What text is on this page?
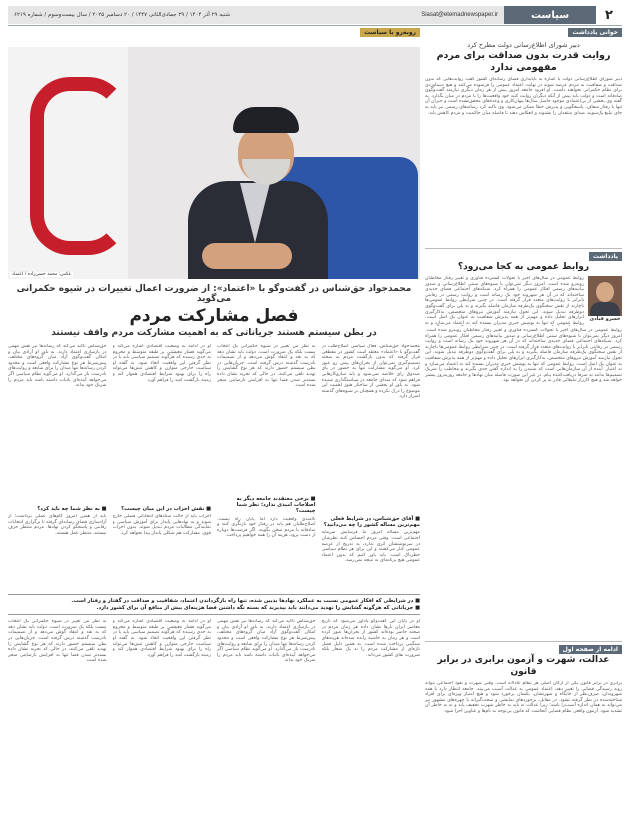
۲
سیاست
Siasat@etemadnewspaper.ir
شنبه ۲۹ آذر ۱۴۰۴ / ۲۹ جمادی‌الثانی ۱۴۴۷ / ۲۰ دسامبر ۲۰۲۵ / سال بیست‌وسوم / شماره ۶۲۱۹
خوانی یادداشت
دبیر شورای اطلاع‌رسانی دولت مطرح کرد
روایت قدرت بدون صداقت برای مردم مفهومی ندارد
دبیر شورای اطلاع‌رسانی دولت با اشاره به ناپایداری فضای رسانه‌ای کشور گفت روایت‌هایی که بدون صداقت و شفافیت به مردم عرضه شوند در نهایت اعتماد عمومی را فرسوده می‌کنند و هیچ دستاوردی برای نظام حکمرانی نخواهند داشت. او افزود جامعه امروز بیش از هر زمان دیگری نیازمند گفت‌وگوی صادقانه است و دولت باید پیش از آنکه دیگران روایت کنند خود واقعیت‌ها را با مردم در میان بگذارد. به گفته وی بخشی از بی‌اعتمادی موجود حاصل سال‌ها پنهان‌کاری و وعده‌های محقق‌نشده است و جبران آن تنها با رفتار شفاف، پاسخگویی و پذیرش خطا ممکن می‌شود. وی تاکید کرد رسانه‌های رسمی نیز باید به جای تبلیغ یک‌سویه، صدای منتقدان را بشنوند و انعکاس دهند تا فاصله میان حاکمیت و مردم کاهش یابد.
یادداشت
روابط عمومی به کجا می‌رود؟
خسرو قبادی
روابط عمومی در سال‌های اخیر با تحولات گسترده فناوری و تغییر رفتار مخاطبان روبه‌رو شده است. امروز دیگر نمی‌توان با شیوه‌های سنتی اطلاع‌رسانی و صدور بیانیه‌های رسمی افکار عمومی را همراه کرد. شبکه‌های اجتماعی فضای جدیدی ساخته‌اند که در آن هر شهروند خود یک رسانه است و روایت رسمی در رقابتی نابرابر با روایت‌های متعدد قرار گرفته است. در چنین شرایطی روابط عمومی‌ها ناچارند از نقش سخنگوی یک‌طرفه سازمان فاصله بگیرند و به پلی برای گفت‌وگوی دوطرفه تبدیل شوند. این تحول نیازمند آموزش نیروهای متخصص، به‌کارگیری ابزارهای تحلیل داده و مهم‌تر از همه پذیرش شفافیت به عنوان یک اصل است. روابط عمومی که تنها به پوشش خبری مدیران بسنده کند نه اعتماد می‌سازد و نه
روابط عمومی در سال‌های اخیر با تحولات گسترده فناوری و تغییر رفتار مخاطبان روبه‌رو شده است. امروز دیگر نمی‌توان با شیوه‌های سنتی اطلاع‌رسانی و صدور بیانیه‌های رسمی افکار عمومی را همراه کرد. شبکه‌های اجتماعی فضای جدیدی ساخته‌اند که در آن هر شهروند خود یک رسانه است و روایت رسمی در رقابتی نابرابر با روایت‌های متعدد قرار گرفته است. در چنین شرایطی روابط عمومی‌ها ناچارند از نقش سخنگوی یک‌طرفه سازمان فاصله بگیرند و به پلی برای گفت‌وگوی دوطرفه تبدیل شوند. این تحول نیازمند آموزش نیروهای متخصص، به‌کارگیری ابزارهای تحلیل داده و مهم‌تر از همه پذیرش شفافیت به عنوان یک اصل است. روابط عمومی که تنها به پوشش خبری مدیران بسنده کند نه اعتماد می‌سازد و نه اعتبار. آینده از آن سازمان‌هایی است که شنیدن را به اندازه گفتن جدی بگیرند و مخاطب را شریک تصمیم‌ها بدانند نه صرفا دریافت‌کننده پیام. در غیر این صورت فاصله میان نهادها و جامعه روز‌به‌روز بیشتر خواهد شد و هیچ کارزار تبلیغاتی قادر به پر کردن آن نخواهد بود.
ادامه از صفحه اول
عدالت، شهرت و آزمون برابری در برابر قانون
برابری در برابر قانون یکی از ارکان اصلی هر نظام عادلانه است. وقتی شهرت و نفوذ اجتماعی بتواند روند رسیدگی قضایی را تغییر دهد، اعتماد عمومی به عدالت آسیب می‌بیند. جامعه انتظار دارد با همه شهروندان، صرف‌نظر از جایگاه و شهرتشان، یکسان برخورد شود و هیچ امتیاز ویژه‌ای برای افراد شناخته‌شده در نظر گرفته نشود. در مقابل، برخوردهای نمایشی و سخت‌گیرانه با چهره‌های مشهور نیز می‌تواند به همان اندازه آسیب‌زا باشد؛ زیرا عدالت نه باید به خاطر شهرت تخفیف یابد و نه به خاطر آن تشدید شود. آزمون واقعی نظام قضایی آنجاست که قانون بی‌توجه به نام‌ها و عناوین اجرا شود.
روبه‌رو با سیاست
عکس: محمد حسن‌زاده / اعتماد
محمدجواد حق‌شناس در گفت‌وگو با «اعتماد»: از ضرورت اعمال تغییرات در شیوه حکمرانی می‌گوید
فصل مشارکت مردم
در بطن سیستم هستند جریاناتی که به اهمیت مشارکت مردم واقف نیستند
محمدجواد حق‌شناس، فعال سیاسی اصلاح‌طلب در گفت‌وگو با «اعتماد» معتقد است کشور در مقطعی قرار گرفته که بدون بازگشت مردم به صحنه تصمیم‌گیری نمی‌توان از بحران‌های پیش رو عبور کرد. او می‌گوید مشارکت تنها به حضور در پای صندوق رای خلاصه نمی‌شود و باید سازوکارهایی فراهم شود که صدای جامعه در سیاستگذاری شنیده شود. به باور او بخشی از ساختار هنوز اهمیت این موضوع را درک نکرده و همچنان بر شیوه‌های گذشته اصرار دارد.
■ آقای حق‌شناس، در شرایط فعلی مهم‌ترین مساله کشور را چه می‌دانید؟
مهم‌ترین مساله امروز ما فرسایش سرمایه اجتماعی است. وقتی مردم احساس کنند نظرشان در سرنوشتشان اثری ندارد، به تدریج از عرصه عمومی کنار می‌کشند و این برای هر نظام سیاسی خطرناک است. باید باور کنیم که بدون اعتماد عمومی هیچ برنامه‌ای به نتیجه نمی‌رسد.
به نظر من تغییر در شیوه حکمرانی یک انتخاب نیست بلکه یک ضرورت است. دولت باید نشان دهد که به نقد و انتقاد گوش می‌دهد و از تصمیمات نادرست گذشته درس گرفته است. جریان‌هایی در بطن سیستم حضور دارند که هر نوع گشایش را تهدید تلقی می‌کنند، در حالی که تجربه نشان داده بسته‌تر شدن فضا تنها به افزایش نارضایتی منجر شده است.
■ برخی معتقدند جامعه دیگر به اصلاحات امیدی ندارد؛ نظر شما چیست؟
ناامیدی واقعیت دارد اما پایان راه نیست. اصلاح‌طلبان هم باید در رفتار خود بازنگری کنند و صادقانه با مردم سخن بگویند. اگر فرصت‌ها دوباره از دست برود، هزینه آن را همه خواهیم پرداخت.
او در ادامه به وضعیت اقتصادی اشاره می‌کند و می‌گوید فشار معیشتی بر طبقه متوسط و محروم به حدی رسیده که هرگونه تصمیم سیاسی باید با در نظر گرفتن این واقعیت اتخاذ شود. به گفته او سیاست خارجی متوازن و کاهش تنش‌ها می‌تواند راه را برای بهبود شرایط اقتصادی هموار کند و زمینه بازگشت امید را فراهم آورد.
■ نقش احزاب در این میان چیست؟
احزاب باید از حالت ستادهای انتخاباتی فصلی خارج شوند و به نهادهایی پایدار برای آموزش سیاسی و نمایندگی مطالبات مردم تبدیل شوند. بدون احزاب قوی، مشارکت هم شکلی پایدار پیدا نخواهد کرد.
حق‌شناس تاکید می‌کند که رسانه‌ها نیز نقش مهمی در بازسازی اعتماد دارند. به باور او آزادی بیان و امکان گفت‌وگوی آزاد میان گروه‌های مختلف، پیش‌شرط هر نوع مشارکت واقعی است و محدود کردن رسانه‌ها تنها میدان را برای شایعه و روایت‌های نادرست باز می‌گذارد. او می‌گوید نظام سیاسی اگر می‌خواهد آینده‌ای باثبات داشته باشد باید مردم را شریک خود بداند.
■ به نظر شما چه باید کرد؟
باید از همین امروز گام‌های عملی برداشت؛ از آزادسازی فضای رسانه‌ای گرفته تا برگزاری انتخابات رقابتی و پاسخگو کردن نهادها. مردم منتظر حرف نیستند، منتظر عمل هستند.
■ در شرایطی که افکار عمومی نسبت به عملکرد نهادها بدبین شده، تنها راه بازگرداندن اعتماد، شفافیت و صداقت در گفتار و رفتار است.
■ جریاناتی که هرگونه گشایش را تهدید می‌دانند باید بپذیرند که بسته نگه داشتن فضا هزینه‌ای بیش از منافع آن برای کشور دارد.
او در پایان این گفت‌وگو یادآور می‌شود که تاریخ معاصر ایران بارها نشان داده هر زمان مردم در صحنه حاضر بوده‌اند کشور از بحران‌ها عبور کرده است و هر زمان به حاشیه رانده شده‌اند هزینه‌های سنگینی پرداخت شده است. به همین دلیل فصل تازه‌ای از مشارکت مردم را نه یک شعار بلکه ضرورت بقای کشور می‌داند.
حق‌شناس تاکید می‌کند که رسانه‌ها نیز نقش مهمی در بازسازی اعتماد دارند. به باور او آزادی بیان و امکان گفت‌وگوی آزاد میان گروه‌های مختلف، پیش‌شرط هر نوع مشارکت واقعی است و محدود کردن رسانه‌ها تنها میدان را برای شایعه و روایت‌های نادرست باز می‌گذارد. او می‌گوید نظام سیاسی اگر می‌خواهد آینده‌ای باثبات داشته باشد باید مردم را شریک خود بداند.
او در ادامه به وضعیت اقتصادی اشاره می‌کند و می‌گوید فشار معیشتی بر طبقه متوسط و محروم به حدی رسیده که هرگونه تصمیم سیاسی باید با در نظر گرفتن این واقعیت اتخاذ شود. به گفته او سیاست خارجی متوازن و کاهش تنش‌ها می‌تواند راه را برای بهبود شرایط اقتصادی هموار کند و زمینه بازگشت امید را فراهم آورد.
به نظر من تغییر در شیوه حکمرانی یک انتخاب نیست بلکه یک ضرورت است. دولت باید نشان دهد که به نقد و انتقاد گوش می‌دهد و از تصمیمات نادرست گذشته درس گرفته است. جریان‌هایی در بطن سیستم حضور دارند که هر نوع گشایش را تهدید تلقی می‌کنند، در حالی که تجربه نشان داده بسته‌تر شدن فضا تنها به افزایش نارضایتی منجر شده است.
